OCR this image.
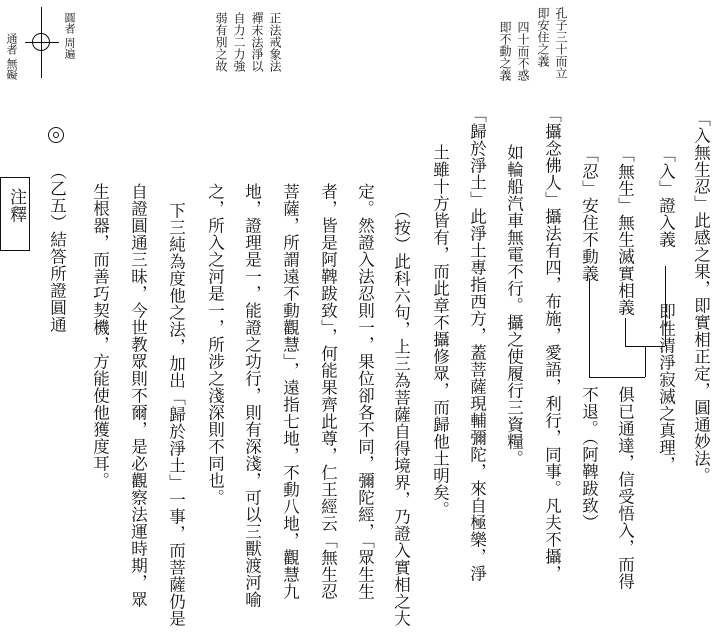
圓者
周遍
通者
無礙
注釋
孔子三十而立
即安住之義
四十而不惑
即不動之義
正法戒象法
禪末法淨以
自力二力強
弱有別之故
「入無生忍」此感之果，即實相正定，圓通妙法。
「入」證入義
即性清淨寂滅之真理，
「無生」無生滅實相義
俱已通達，信受悟入，而得
不退。（阿鞞跋致）
「忍」安住不動義
「攝念佛人」攝法有四，布施，愛語，利行，同事。凡夫不攝，
如輪船汽車無電不行。攝之使履行三資糧。
「歸於淨土」此淨土專指西方，蓋菩薩現輔彌陀，來自極樂，淨
土雖十方皆有，而此章不攝修眾，而歸他土明矣。
（按）此科六句，上三為菩薩自得境界，乃證入實相之大
定。然證入法忍則一，果位卻各不同，彌陀經，「眾生生
者，皆是阿鞞跋致」，何能果齊此尊，仁王經云「無生忍
菩薩，所謂遠不動觀慧」，遠指七地，不動八地，觀慧九
地，證理是一，能證之功行，則有深淺，可以三獸渡河喻
之，所入之河是一，所涉之淺深則不同也。
下三純為度他之法，加出「歸於淨土」一事，而菩薩仍是
自證圓通三昧，今世教眾則不爾，是必觀察法運時期，眾
生根器，而善巧契機，方能使他獲度耳。
（乙五）結答所證圓通
